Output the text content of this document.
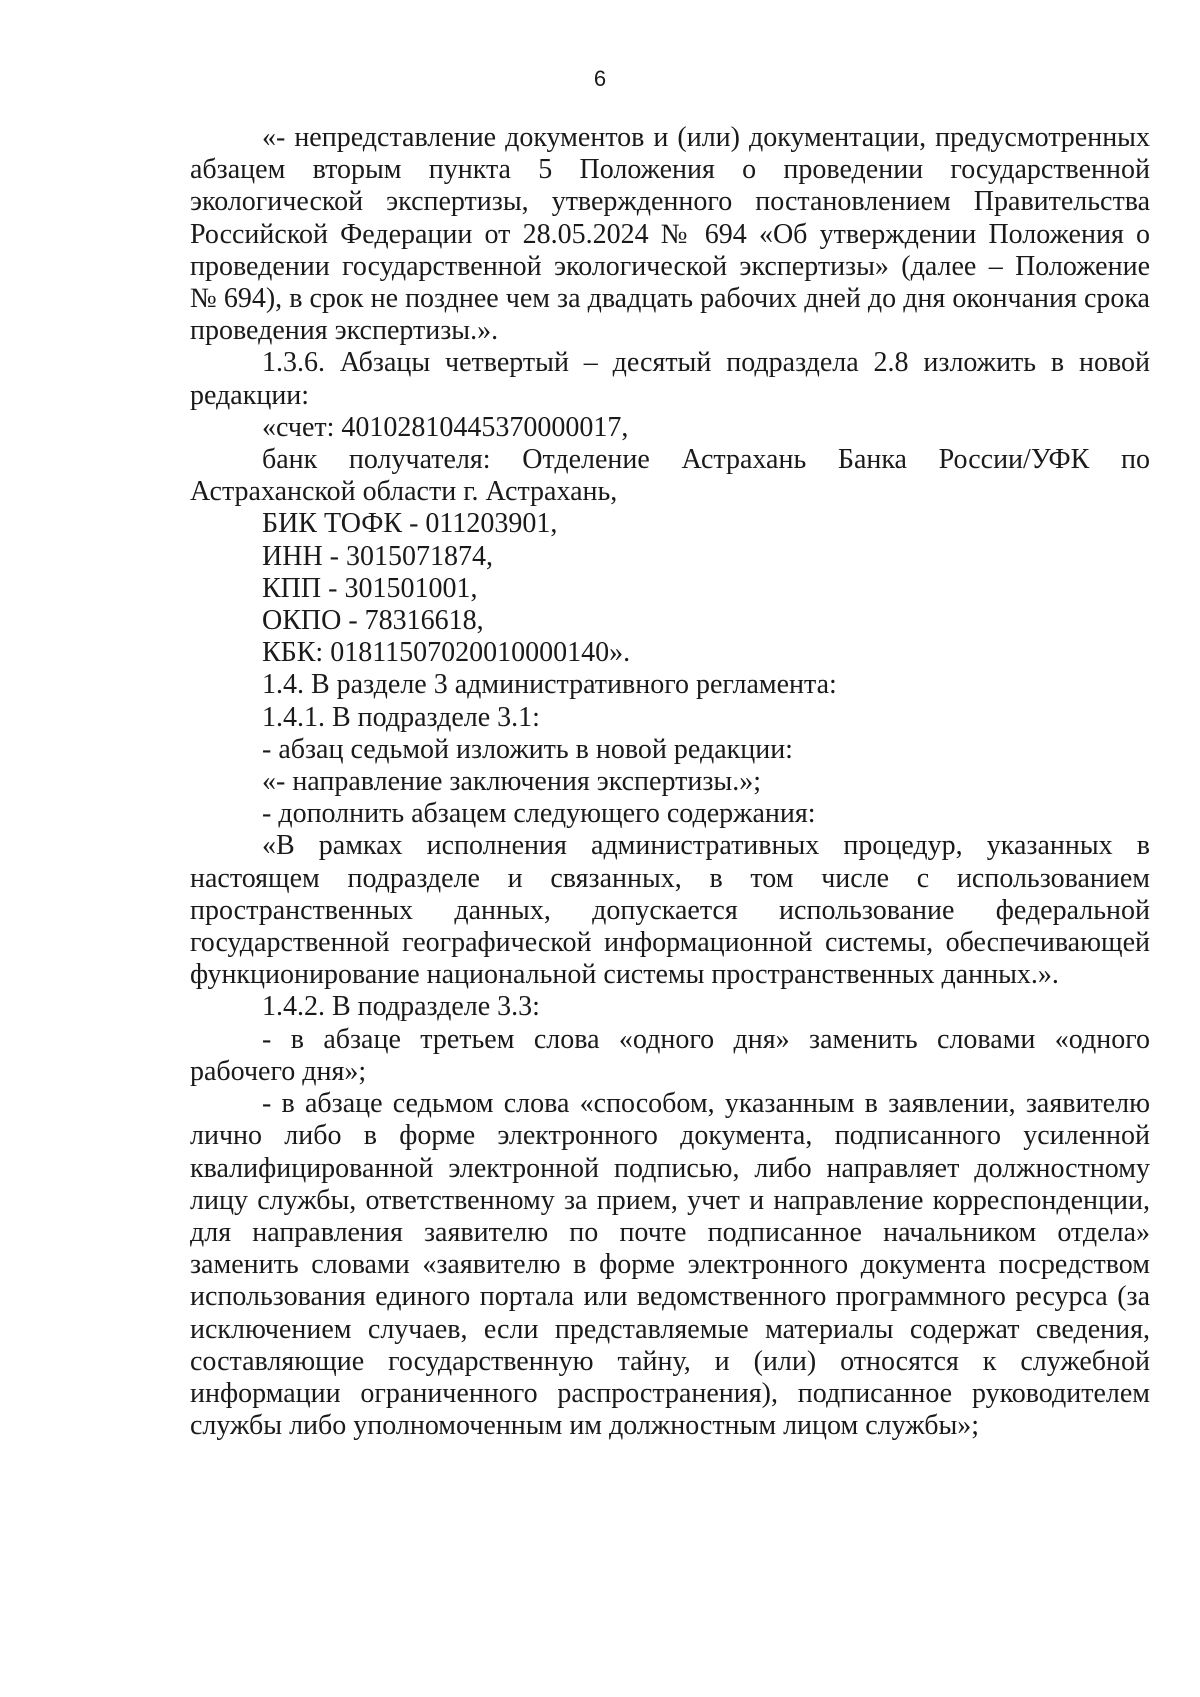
6

«- непредставление документов и (или) документации, предусмотренных абзацем вторым пункта 5 Положения о проведении государственной экологической экспертизы, утвержденного постановлением Правительства Российской Федерации от 28.05.2024 № 694 «Об утверждении Положения о проведении государственной экологической экспертизы» (далее – Положение № 694), в срок не позднее чем за двадцать рабочих дней до дня окончания срока проведения экспертизы.».

1.3.6. Абзацы четвертый – десятый подраздела 2.8 изложить в новой редакции:

«счет: 40102810445370000017,

банк получателя: Отделение Астрахань Банка России/УФК по Астраханской области г. Астрахань,

БИК ТОФК - 011203901,

ИНН - 3015071874,

КПП - 301501001,

ОКПО - 78316618,

КБК: 01811507020010000140».

1.4. В разделе 3 административного регламента:

1.4.1. В подразделе 3.1:

- абзац седьмой изложить в новой редакции:

«- направление заключения экспертизы.»;

- дополнить абзацем следующего содержания:

«В рамках исполнения административных процедур, указанных в настоящем подразделе и связанных, в том числе с использованием пространственных данных, допускается использование федеральной государственной географической информационной системы, обеспечивающей функционирование национальной системы пространственных данных.».

1.4.2. В подразделе 3.3:

- в абзаце третьем слова «одного дня» заменить словами «одного рабочего дня»;

- в абзаце седьмом слова «способом, указанным в заявлении, заявителю лично либо в форме электронного документа, подписанного усиленной квалифицированной электронной подписью, либо направляет должностному лицу службы, ответственному за прием, учет и направление корреспонденции, для направления заявителю по почте подписанное начальником отдела» заменить словами «заявителю в форме электронного документа посредством использования единого портала или ведомственного программного ресурса (за исключением случаев, если представляемые материалы содержат сведения, составляющие государственную тайну, и (или) относятся к служебной информации ограниченного распространения), подписанное руководителем службы либо уполномоченным им должностным лицом службы»;
